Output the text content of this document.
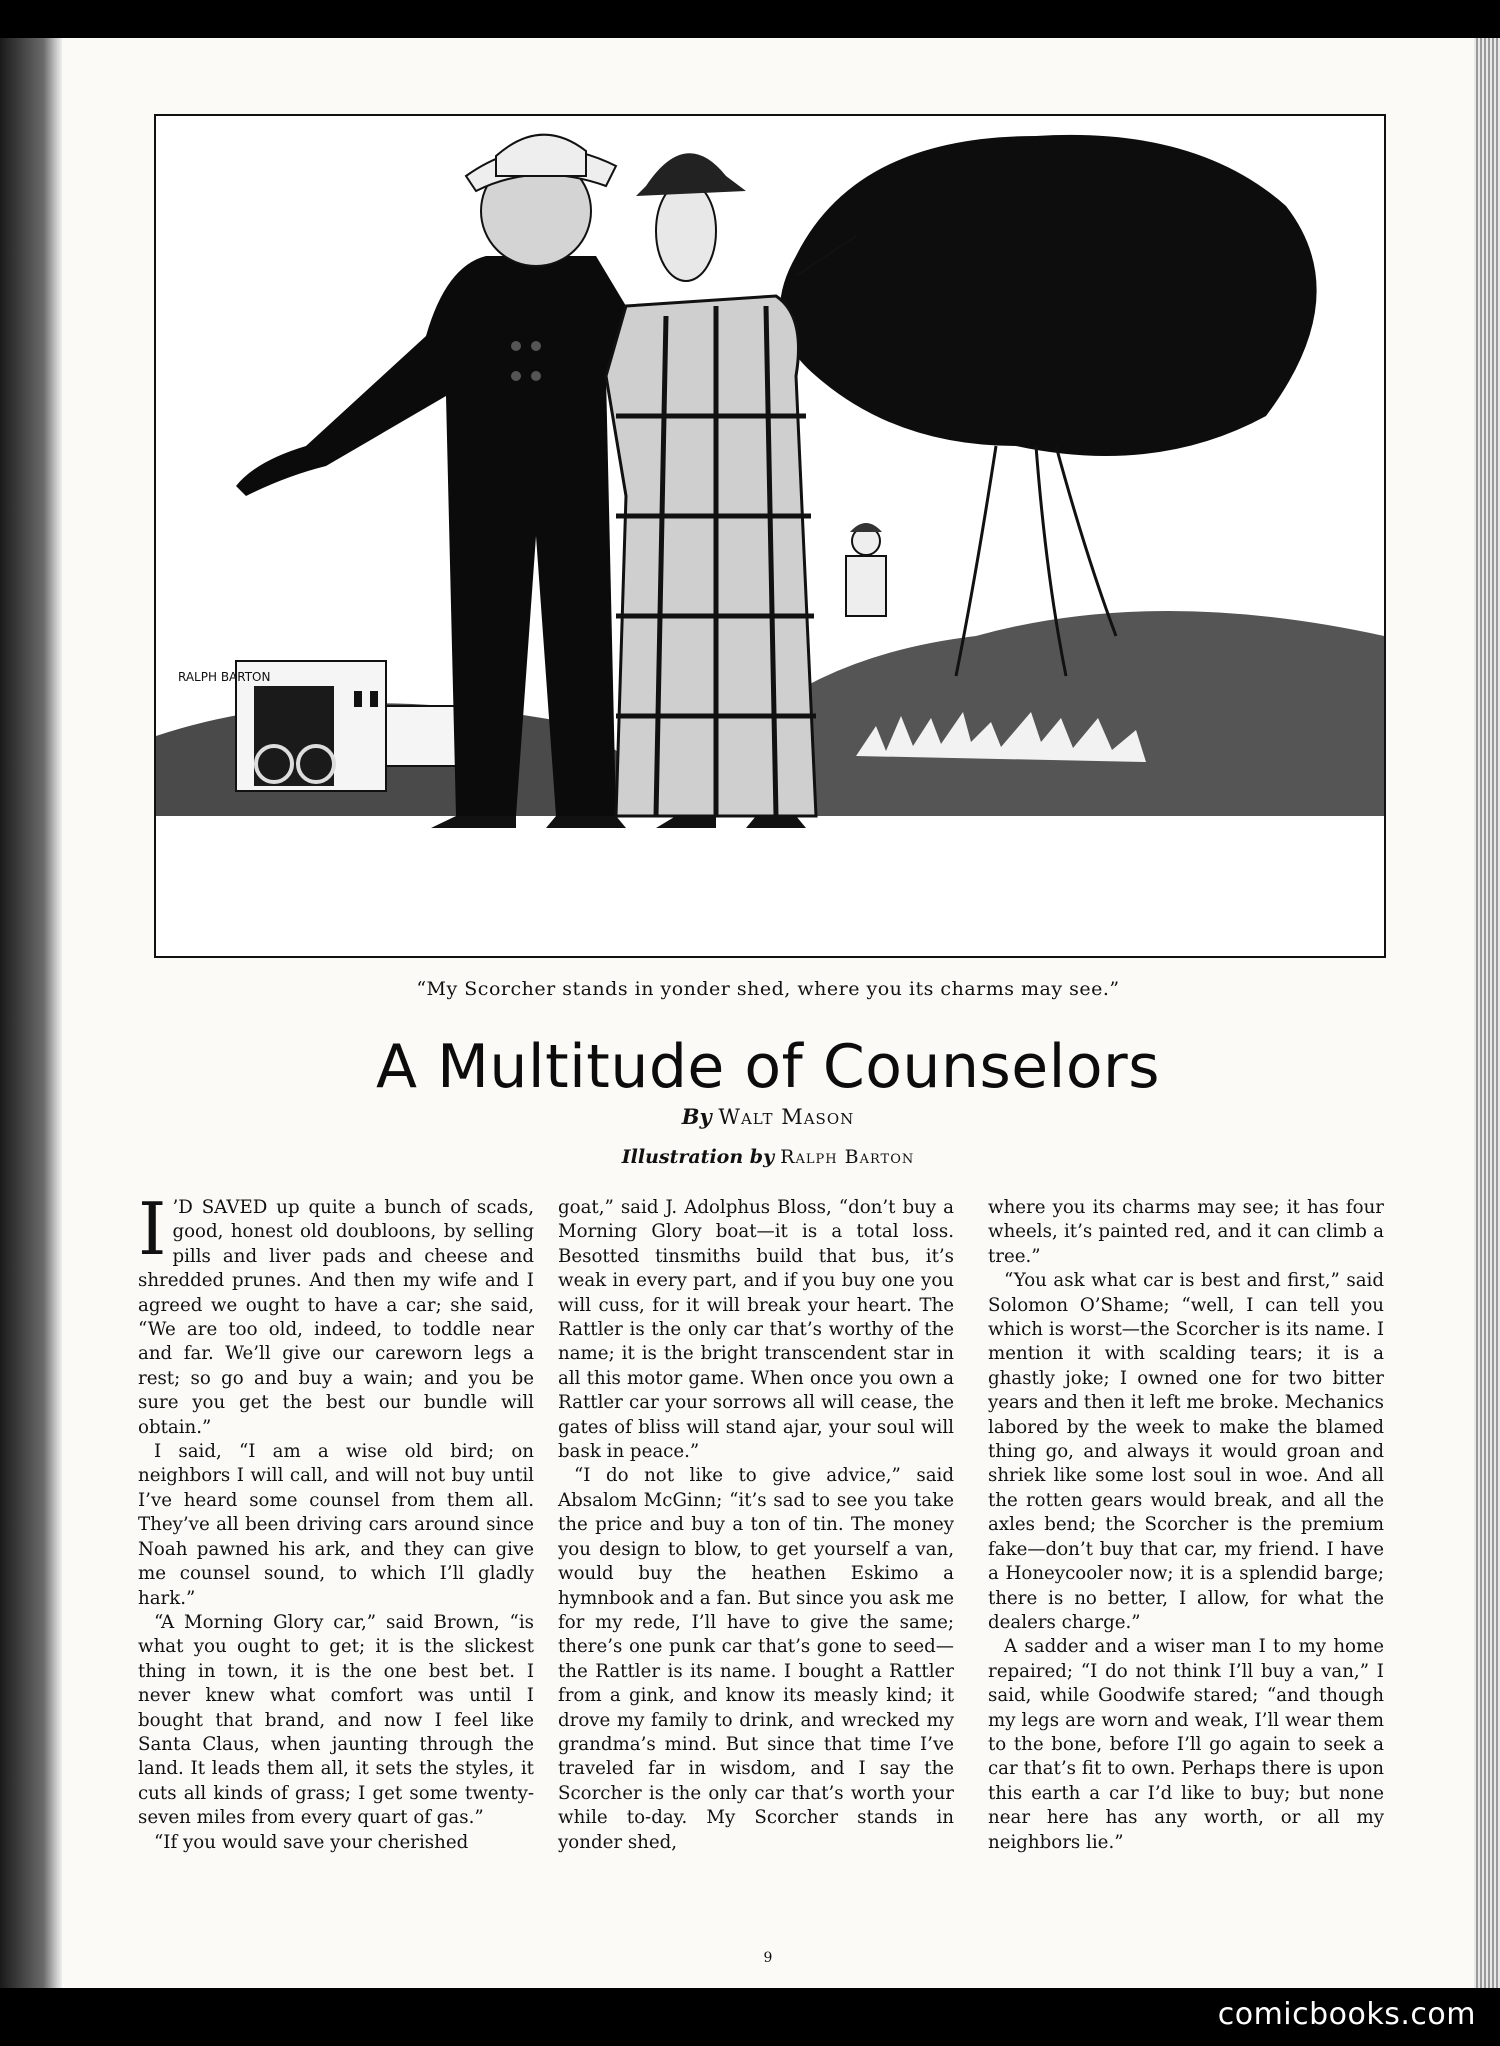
RALPH BARTON
“My Scorcher stands in yonder shed, where you its charms may see.”
A Multitude of Counselors
By Walt Mason
Illustration by Ralph Barton

I ’D SAVED up quite a bunch of scads, good, honest old doubloons, by selling pills and liver pads and cheese and shredded prunes. And then my wife and I agreed we ought to have a car; she said, “We are too old, indeed, to toddle near and far. We’ll give our careworn legs a rest; so go and buy a wain; and you be sure you get the best our bundle will obtain.”

I said, “I am a wise old bird; on neighbors I will call, and will not buy until I’ve heard some counsel from them all. They’ve all been driving cars around since Noah pawned his ark, and they can give me counsel sound, to which I’ll gladly hark.”

“A Morning Glory car,” said Brown, “is what you ought to get; it is the slickest thing in town, it is the one best bet. I never knew what comfort was until I bought that brand, and now I feel like Santa Claus, when jaunting through the land. It leads them all, it sets the styles, it cuts all kinds of grass; I get some twenty-seven miles from every quart of gas.”

“If you would save your cherished

goat,” said J. Adolphus Bloss, “don’t buy a Morning Glory boat—it is a total loss. Besotted tinsmiths build that bus, it’s weak in every part, and if you buy one you will cuss, for it will break your heart. The Rattler is the only car that’s worthy of the name; it is the bright transcendent star in all this motor game. When once you own a Rattler car your sorrows all will cease, the gates of bliss will stand ajar, your soul will bask in peace.”

“I do not like to give advice,” said Absalom McGinn; “it’s sad to see you take the price and buy a ton of tin. The money you design to blow, to get yourself a van, would buy the heathen Eskimo a hymnbook and a fan. But since you ask me for my rede, I’ll have to give the same; there’s one punk car that’s gone to seed—the Rattler is its name. I bought a Rattler from a gink, and know its measly kind; it drove my family to drink, and wrecked my grandma’s mind. But since that time I’ve traveled far in wisdom, and I say the Scorcher is the only car that’s worth your while to-day. My Scorcher stands in yonder shed,

where you its charms may see; it has four wheels, it’s painted red, and it can climb a tree.”

“You ask what car is best and first,” said Solomon O’Shame; “well, I can tell you which is worst—the Scorcher is its name. I mention it with scalding tears; it is a ghastly joke; I owned one for two bitter years and then it left me broke. Mechanics labored by the week to make the blamed thing go, and always it would groan and shriek like some lost soul in woe. And all the rotten gears would break, and all the axles bend; the Scorcher is the premium fake—don’t buy that car, my friend. I have a Honeycooler now; it is a splendid barge; there is no better, I allow, for what the dealers charge.”

A sadder and a wiser man I to my home repaired; “I do not think I’ll buy a van,” I said, while Goodwife stared; “and though my legs are worn and weak, I’ll wear them to the bone, before I’ll go again to seek a car that’s fit to own. Perhaps there is upon this earth a car I’d like to buy; but none near here has any worth, or all my neighbors lie.”

9
comicbooks.com
